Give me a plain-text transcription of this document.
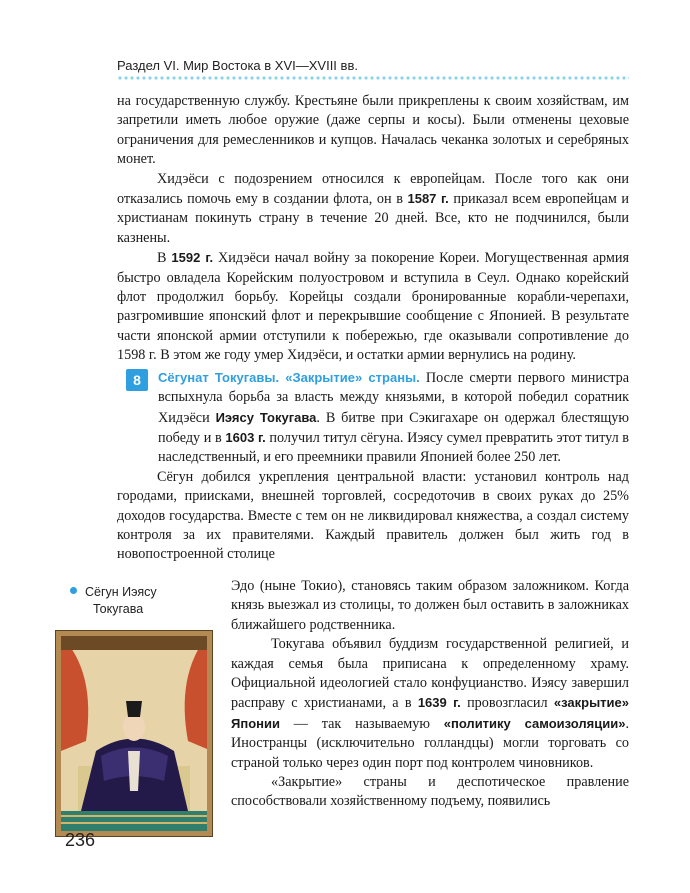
Раздел VI. Мир Востока в XVI—XVIII вв.

на государственную службу. Крестьяне были прикреплены к своим хозяйствам, им запретили иметь любое оружие (даже серпы и косы). Были отменены цеховые ограничения для ремесленников и купцов. Началась чеканка золотых и серебряных монет.

Хидэёси с подозрением относился к европейцам. После того как они отказались помочь ему в создании флота, он в 1587 г. приказал всем европейцам и христианам покинуть страну в течение 20 дней. Все, кто не подчинился, были казнены.

В 1592 г. Хидэёси начал войну за покорение Кореи. Могущественная армия быстро овладела Корейским полуостровом и вступила в Сеул. Однако корейский флот продолжил борьбу. Корейцы создали бронированные корабли-черепахи, разгромившие японский флот и перекрывшие сообщение с Японией. В результате части японской армии отступили к побережью, где оказывали сопротивление до 1598 г. В этом же году умер Хидэёси, и остатки армии вернулись на родину.

8	Сёгунат Токугавы. «Закрытие» страны. После смерти первого министра вспыхнула борьба за власть между князьями, в которой победил соратник Хидэёси Иэясу Токугава. В битве при Сэкигахаре он одержал блестящую победу и в 1603 г. получил титул сёгуна. Иэясу сумел превратить этот титул в наследственный, и его преемники правили Японией более 250 лет.

Сёгун добился укрепления центральной власти: установил контроль над городами, приисками, внешней торговлей, сосредоточив в своих руках до 25% доходов государства. Вместе с тем он не ликвидировал княжества, а создал систему контроля за их правителями. Каждый правитель должен был жить год в новопостроенной столице

Сёгун Иэясу
Токугава

Эдо (ныне Токио), становясь таким образом заложником. Когда князь выезжал из столицы, то должен был оставить в заложниках ближайшего родственника.

Токугава объявил буддизм государственной религией, и каждая семья была приписана к определенному храму. Официальной идеологией стало конфуцианство. Иэясу завершил расправу с христианами, а в 1639 г. провозгласил «закрытие» Японии — так называемую «политику самоизоляции». Иностранцы (исключительно голландцы) могли торговать со страной только через один порт под контролем чиновников.

«Закрытие» страны и деспотическое правление способствовали хозяйственному подъему, появились

236
